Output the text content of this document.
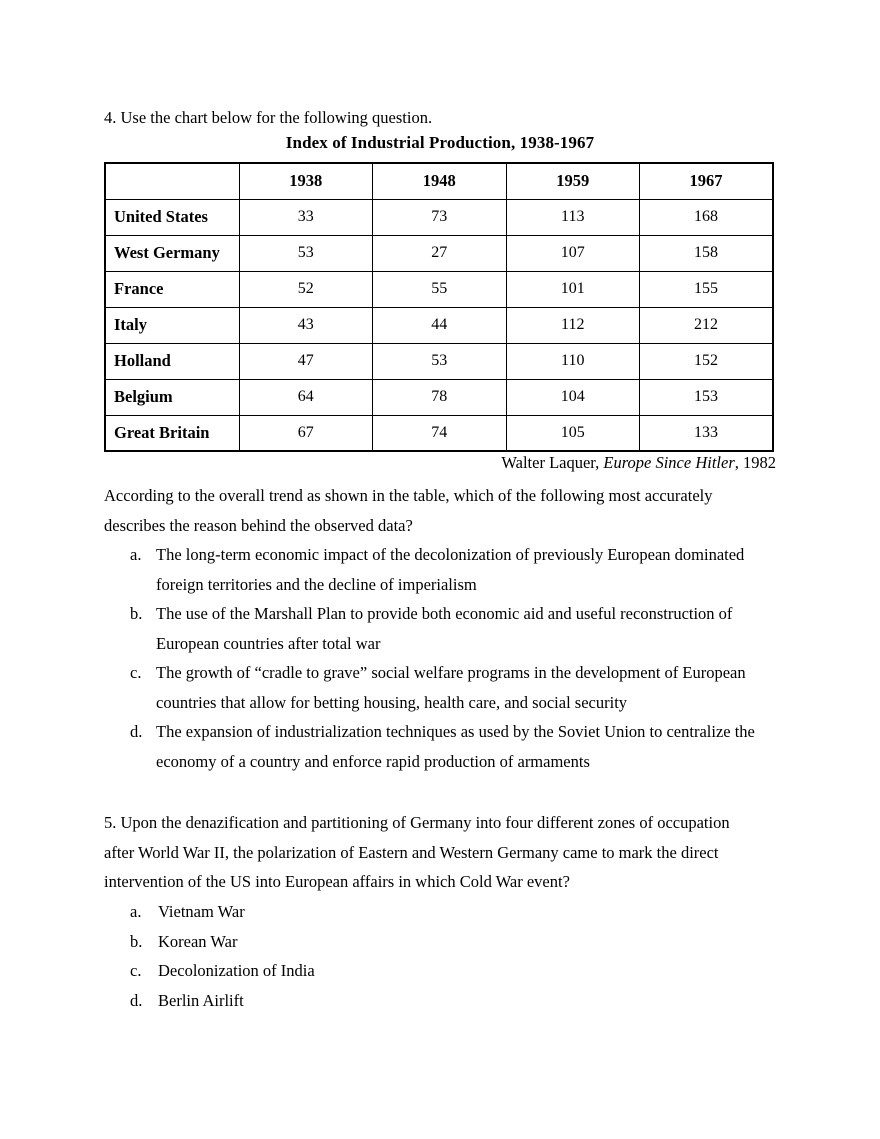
4. Use the chart below for the following question.
Index of Industrial Production, 1938-1967
	1938	1948	1959	1967
United States	33	73	113	168
West Germany	53	27	107	158
France	52	55	101	155
Italy	43	44	112	212
Holland	47	53	110	152
Belgium	64	78	104	153
Great Britain	67	74	105	133
Walter Laquer, Europe Since Hitler, 1982
According to the overall trend as shown in the table, which of the following most accurately describes the reason behind the observed data?
a. The long-term economic impact of the decolonization of previously European dominated foreign territories and the decline of imperialism
b. The use of the Marshall Plan to provide both economic aid and useful reconstruction of European countries after total war
c. The growth of “cradle to grave” social welfare programs in the development of European countries that allow for betting housing, health care, and social security
d. The expansion of industrialization techniques as used by the Soviet Union to centralize the economy of a country and enforce rapid production of armaments
5. Upon the denazification and partitioning of Germany into four different zones of occupation after World War II, the polarization of Eastern and Western Germany came to mark the direct intervention of the US into European affairs in which Cold War event?
a.	Vietnam War
b. Korean War
c.	Decolonization of India
d. Berlin Airlift
